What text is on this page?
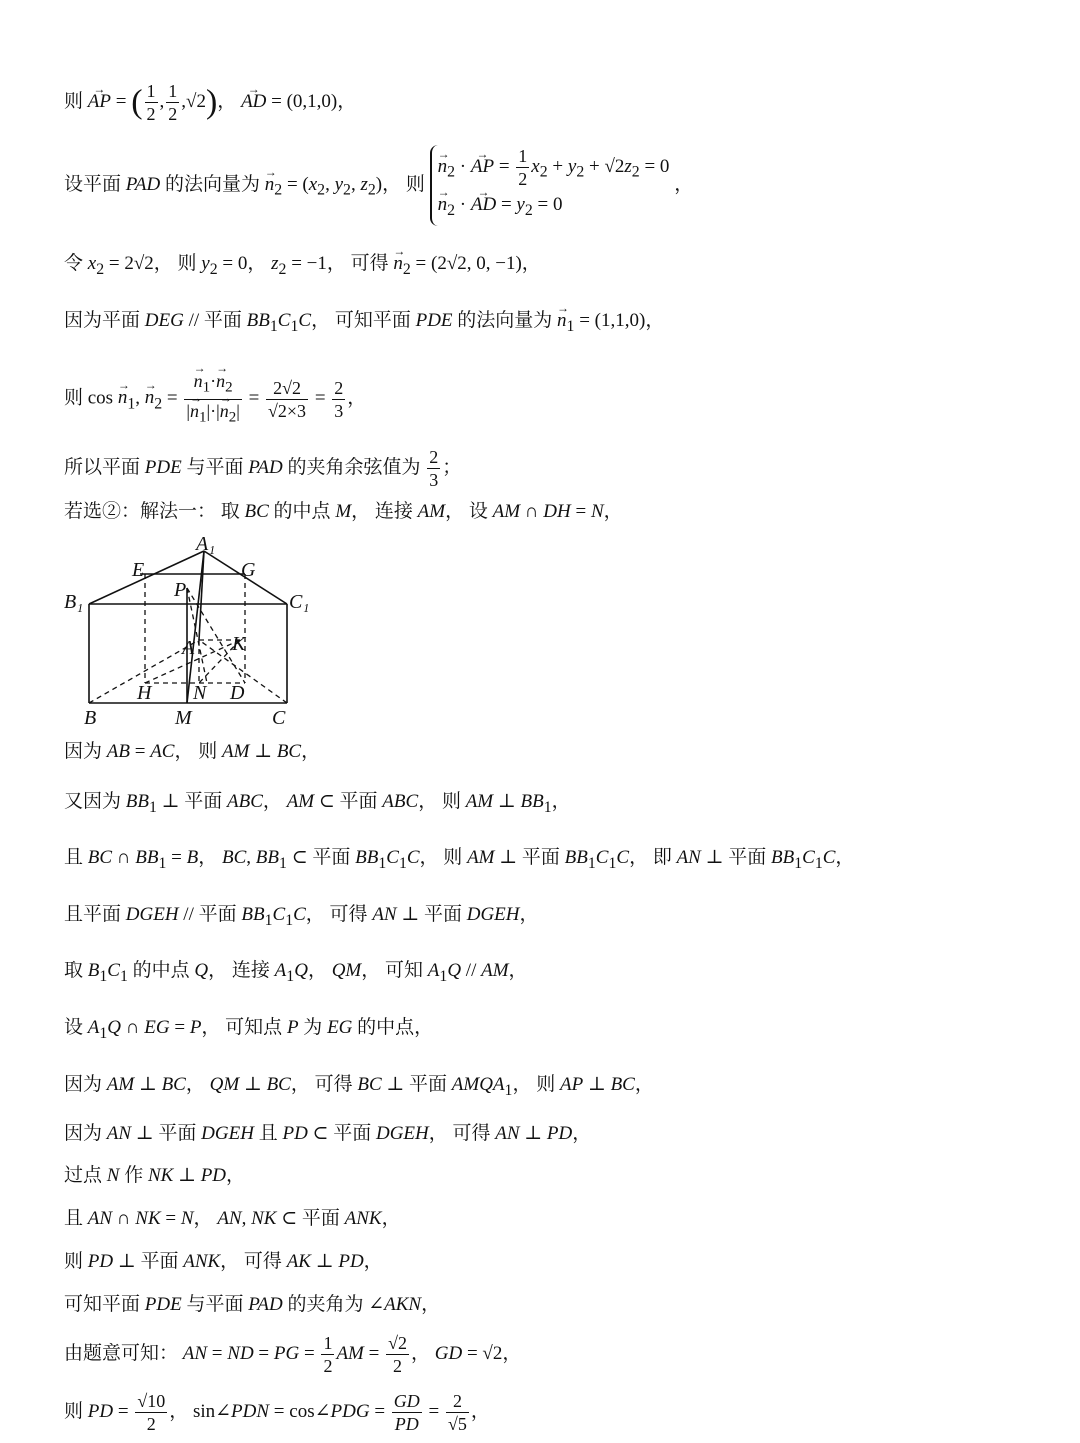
则 → AP = ( $\frac{1}{2}$ , $\frac{1}{2} ,√2$)， → AD = (0,1,0)，
设平面 PAD 的法向量为 → $n_2 = (x_2$, $y_2$, $z_2$)， 则
→ $n_2$ · → AP = $\frac{1}{2} x_2 + y_2 + √2z_2 = 0$
→ $n_2$ · → AD = $y_2 = 0$
，
令 $x_2 = 2√2$， 则 $y_2 = 0$， $z_2 = -1$， 可得 → $n_2 = (2√2$, 0, −1)，
因为平面 DEG // 平面 $BB_1C_1C$， 可知平面 PDE 的法向量为 → $n_1 = (1,1,0)$，
则 $\cos \to n_1$, → $n_2$ =
→ $\frac{n_1\cdot\to n_2}{|\to n_1|\cdot|\to n_2|} = \frac{2√2}{√2\times 3} = \frac{2}{3}$ ，
所以平面 PDE 与平面 PAD 的夹角余弦值为 $\frac{2}{3}$ ；
若选②：解法一： 取 BC 的中点 M， 连接 AM， 设 AM ∩ DH = N，
A₁
E	G
B₁
P
C₁
A K
H N D
B	M	C
因为 AB = AC， 则 AM ⊥ BC，
又因为 $BB_1$ ⊥ 平面 ABC， AM ⊂ 平面 ABC， 则 AM ⊥ $BB_1$，
且 BC ∩ $BB_1 = B$， BC, $BB_1$ ⊂ 平面 $BB_1C_1C$， 则 AM ⊥ 平面 $BB_1C_1C$， 即 AN ⊥ 平面 $BB_1C_1C$，
且平面 DGEH // 平面 $BB_1C_1C$， 可得 AN ⊥ 平面 DGEH，
取 $B_1C_1$ 的中点 Q， 连接 $A_1Q$， QM， 可知 $A_1Q$ // AM，
设 $A_1Q$ ∩ EG = P， 可知点 P 为 EG 的中点，
因为 AM ⊥ BC， QM ⊥ BC， 可得 BC ⊥ 平面 $AMQA_1$， 则 AP ⊥ BC，
因为 AN ⊥ 平面 DGEH 且 PD ⊂ 平面 DGEH， 可得 AN ⊥ PD，
过点 N 作 NK ⊥ PD，
且 AN ∩ NK = N， AN, NK ⊂ 平面 ANK，
则 PD ⊥ 平面 ANK， 可得 AK ⊥ PD，
可知平面 PDE 与平面 PAD 的夹角为 ∠AKN，
由题意可知： AN = ND = PG = $\frac{1}{2}$ AM = $\frac{√2}{2}$ ， GD = √2，
则 PD = $\frac{√10}{2}$ ， sin∠PDN = cos∠PDG = $\frac{GD}{PD} = \frac{2}{√5}$ ，
